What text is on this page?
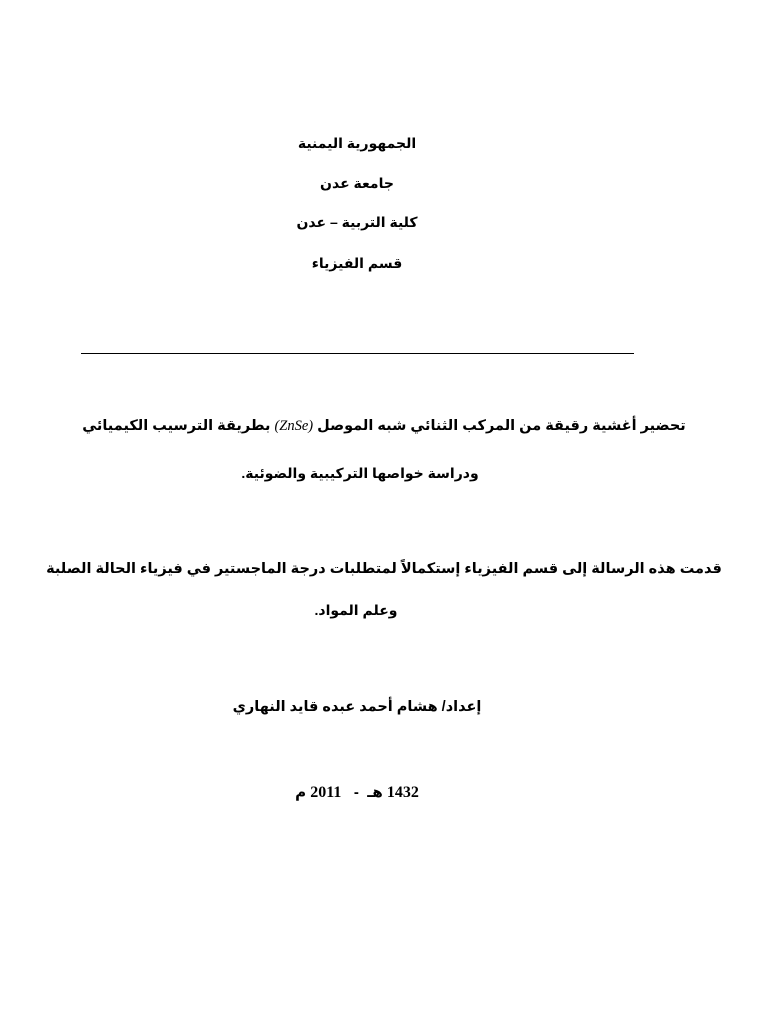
الجمهورية اليمنية
جامعة عدن
كلية التربية – عدن
قسم الفيزياء
تحضير أغشية رقيقة من المركب الثنائي شبه الموصل (ZnSe) بطريقة الترسيب الكيميائي
ودراسة خواصها التركيبية والضوئية.
قدمت هذه الرسالة إلى قسم الفيزياء إستكمالاً لمتطلبات درجة الماجستير في فيزياء الحالة الصلبة
وعلم المواد.
إعداد/ هشام أحمد عبده قايد النهاري
1432 هـ  -   2011 م
